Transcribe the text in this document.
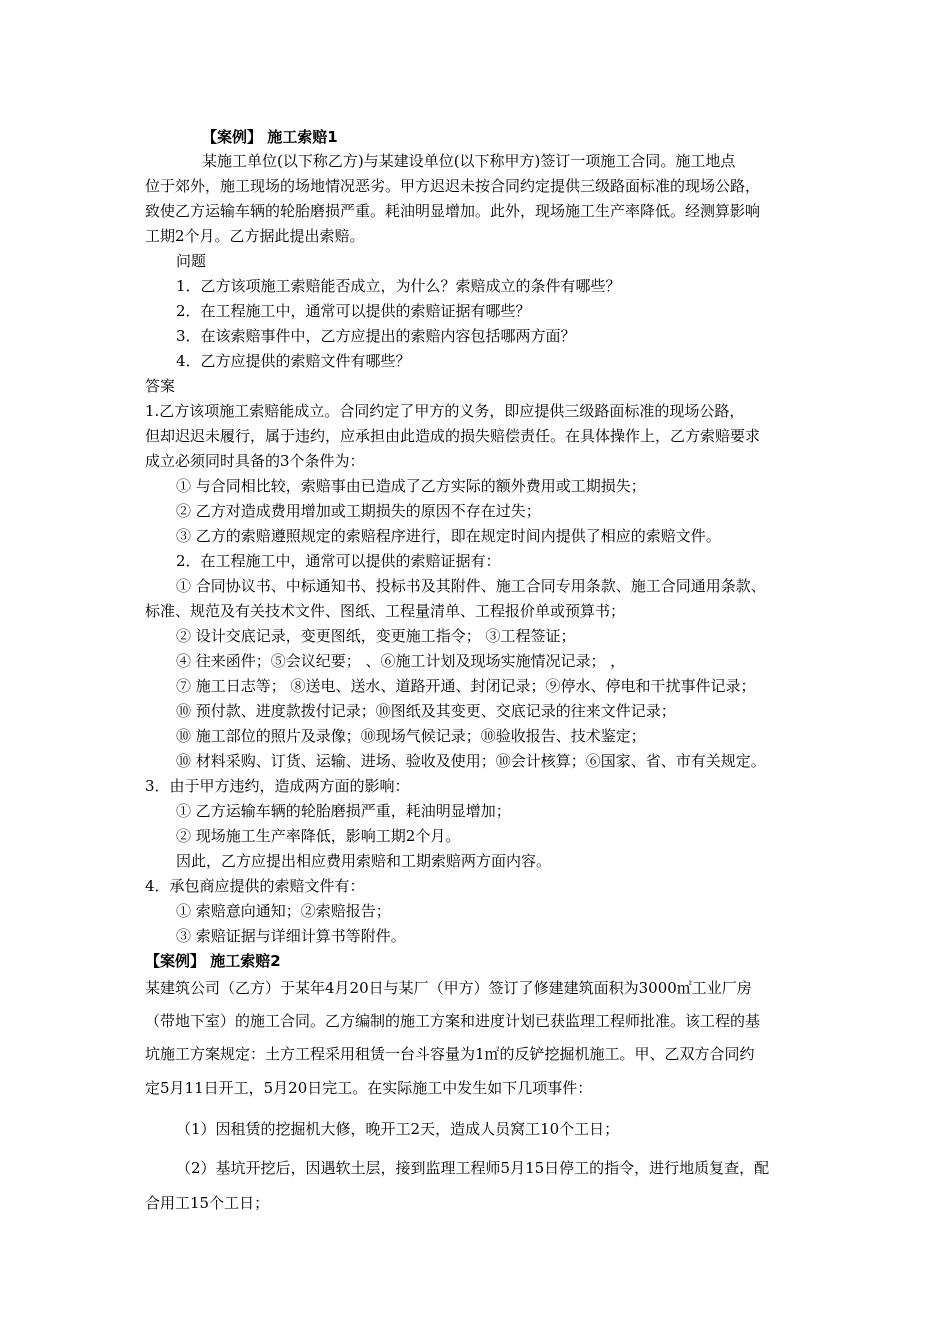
【案例】 施工索赔1

某施工单位(以下称乙方)与某建设单位(以下称甲方)签订一项施工合同。施工地点

位于郊外，施工现场的场地情况恶劣。甲方迟迟未按合同约定提供三级路面标准的现场公路，

致使乙方运输车辆的轮胎磨损严重。耗油明显增加。此外，现场施工生产率降低。经测算影响

工期2个月。乙方据此提出索赔。

问题

1．乙方该项施工索赔能否成立，为什么？索赔成立的条件有哪些？

2．在工程施工中，通常可以提供的索赔证据有哪些？

3．在该索赔事件中，乙方应提出的索赔内容包括哪两方面？

4．乙方应提供的索赔文件有哪些？

答案

1.乙方该项施工索赔能成立。合同约定了甲方的义务，即应提供三级路面标准的现场公路，

但却迟迟未履行，属于违约，应承担由此造成的损失赔偿责任。在具体操作上，乙方索赔要求

成立必须同时具备的3个条件为：

① 与合同相比较，索赔事由已造成了乙方实际的额外费用或工期损失；

② 乙方对造成费用增加或工期损失的原因不存在过失；

③ 乙方的索赔遵照规定的索赔程序进行，即在规定时间内提供了相应的索赔文件。

2．在工程施工中，通常可以提供的索赔证据有：

① 合同协议书、中标通知书、投标书及其附件、施工合同专用条款、施工合同通用条款、

标准、规范及有关技术文件、图纸、工程量清单、工程报价单或预算书；

② 设计交底记录，变更图纸，变更施工指令； ③工程签证；

④ 往来函件；⑤会议纪要； 、⑥施工计划及现场实施情况记录； ，

⑦ 施工日志等； ⑧送电、送水、道路开通、封闭记录；⑨停水、停电和干扰事件记录；

⑩ 预付款、进度款拨付记录；⑩图纸及其变更、交底记录的往来文件记录；

⑩ 施工部位的照片及录像；⑩现场气候记录；⑩验收报告、技术鉴定；

⑩ 材料采购、订货、运输、进场、验收及使用；⑩会计核算；⑥国家、省、市有关规定。

3．由于甲方违约，造成两方面的影响：

① 乙方运输车辆的轮胎磨损严重，耗油明显增加；

② 现场施工生产率降低，影响工期2个月。

因此，乙方应提出相应费用索赔和工期索赔两方面内容。

4．承包商应提供的索赔文件有：

① 索赔意向通知；②索赔报告；

③ 索赔证据与详细计算书等附件。

【案例】 施工索赔2

某建筑公司（乙方）于某年4月20日与某厂（甲方）签订了修建建筑面积为3000㎡工业厂房

（带地下室）的施工合同。乙方编制的施工方案和进度计划已获监理工程师批准。该工程的基

坑施工方案规定：土方工程采用租赁一台斗容量为1㎡的反铲挖掘机施工。甲、乙双方合同约

定5月11日开工，5月20日完工。在实际施工中发生如下几项事件：

（1）因租赁的挖掘机大修，晚开工2天，造成人员窝工10个工日；

（2）基坑开挖后，因遇软土层，接到监理工程师5月15日停工的指令，进行地质复查，配

合用工15个工日；
